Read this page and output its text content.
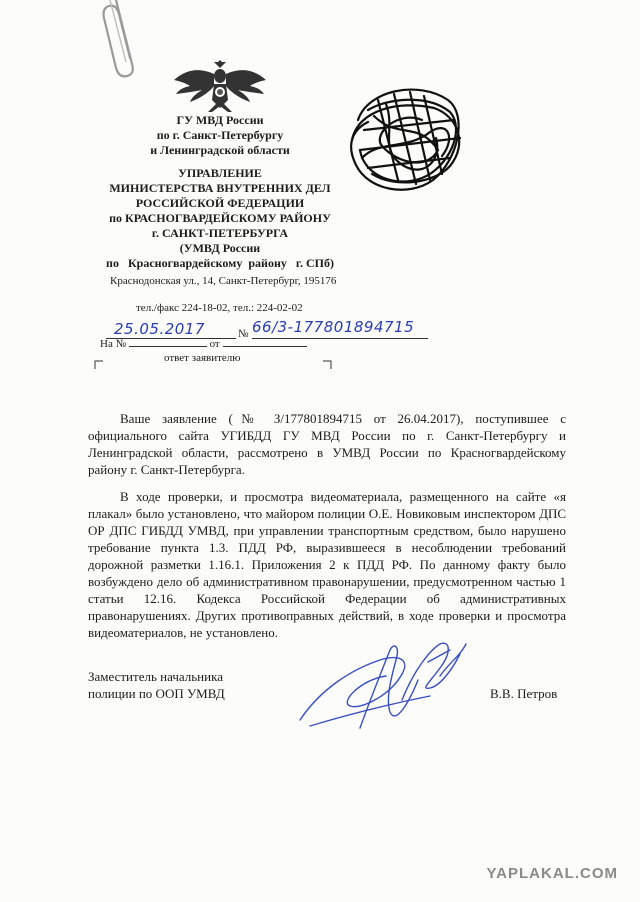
ГУ МВД России
по г. Санкт-Петербургу
и Ленинградской области
УПРАВЛЕНИЕ
МИНИСТЕРСТВА ВНУТРЕННИХ ДЕЛ
РОССИЙСКОЙ ФЕДЕРАЦИИ
по КРАСНОГВАРДЕЙСКОМУ РАЙОНУ
г. САНКТ-ПЕТЕРБУРГА
(УМВД России
по   Красногвардейскому  району   г. СПб)
Краснодонская ул., 14, Санкт-Петербург, 195176
тел./факс 224-18-02, тел.: 224-02-02
25.05.2017	№ 66/3-177801894715
На №	от
ответ заявителю

Ваше заявление (№ З/177801894715 от 26.04.2017), поступившее с официального сайта УГИБДД ГУ МВД России по г. Санкт-Петербургу и Ленинградской области, рассмотрено в УМВД России по Красногвардейскому району г. Санкт-Петербурга.

В ходе проверки, и просмотра видеоматериала, размещенного на сайте «я плакал» было установлено, что майором полиции О.Е. Новиковым инспектором ДПС ОР ДПС ГИБДД УМВД, при управлении транспортным средством, было нарушено требование пункта 1.3. ПДД РФ, выразившееся в несоблюдении требований дорожной разметки 1.16.1. Приложения 2 к ПДД РФ. По данному факту было возбуждено дело об административном правонарушении, предусмотренном частью 1 статьи 12.16. Кодекса Российской Федерации об административных правонарушениях. Других противоправных действий, в ходе проверки и просмотра видеоматериалов, не установлено.

Заместитель начальника
полиции по ООП УМВД	В.В. Петров
YAPLAKAL.COM
